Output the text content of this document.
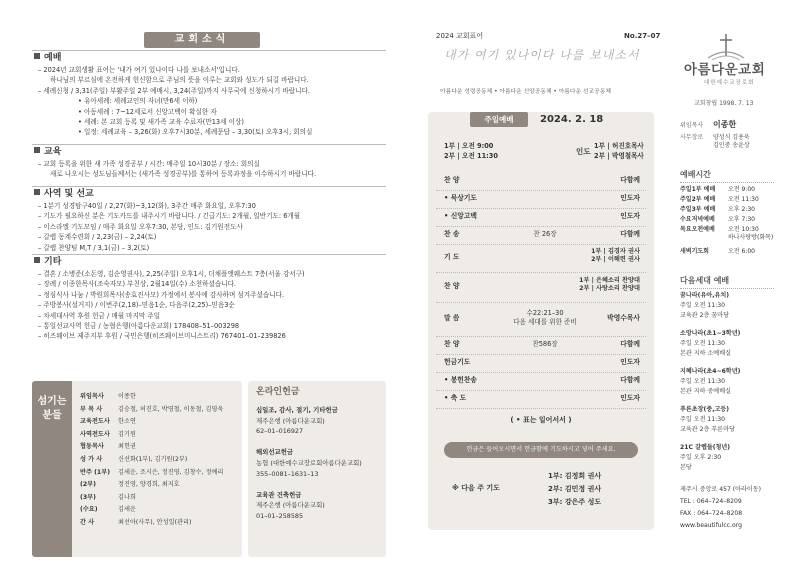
교회소식
예배
– 2024년 교회생활 표어는 '내가 여기 있나이다 나를 보내소서'입니다.
하나님의 부르심에 온전하게 헌신함으로 주님의 뜻을 이루는 교회와 성도가 되길 바랍니다.
– 세례신청 / 3,31(주일) 부활주일 2부 예배시, 3,24(주일)까지 사무국에 신청하시기 바랍니다.
• 유아세례: 세례교인의 자녀(만6세 이하)
• 아동세례 : 7~12세로서 신앙고백이 확실한 자
• 세례: 본 교회 등록 및 새가족 교육 수료자(만13세 이상)
• 일정: 세례교육 – 3,26(화) 오후7시30분, 세례문답 – 3,30(토) 오후3시, 회의실
교육
– 교회 등록을 위한 새 가족 성경공부 / 시간: 매주일 10시30분 / 장소: 회의실
새로 나오시는 성도님들께서는 (새가족 성경공부)를 통하여 등록과정을 이수하시기 바랍니다.
사역 및 선교
– 1분기 성경탐구40일 / 2,27(화)~3,12(화), 3주간 매주 화요일, 오후7:30
– 기도가 필요하신 분은 기도카드를 내주시기 바랍니다. / 긴급기도: 2개월, 일반기도: 6개월
– 이스라엘 기도모임 / 매주 화요일 오후7:30, 본당, 인도: 김기원전도사
– 갈렙 동계수련회 / 2,23(금) – 2,24(토)
– 갈렙 찬양팀 M,T / 3,1(금) – 3,2(토)
기타
– 결혼 / 소병준(소돈영, 김순영권사), 2,25(주일) 오후1시, 더채플앳웨스트 7층(서울 강서구)
– 장례 / 이종한목사(조숙자모) 부친상, 2월14일(수) 소천하셨습니다.
– 정심식사 나눔 / 박원희목사(송효진사모) 가정에서 봉사에 감사하며 섬겨주셨습니다.
– 주방봉사(설거지) / 이번주(2,18)–믿음1순, 다음주(2,25)–믿음3순
– 차세대사역 후원 헌금 / 매월 마지막 주일
– 통일선교사역 헌금 / 농협은행(아름다운교회) 178408–51–003298
– 히즈웨이브 제주지부 후원 / 국민은행(히즈웨이브미니스트리) 767401–01–239826
섬기는
분들
위임목사 이종한
부 목 사	김승철, 허진호, 박영철, 이동철, 김영욱
교육전도사 한소연
사역전도사 김기원
협동목사 최헌권
성 가 사	신선화(1부), 김기원(2부)
반주 (1부) 김세운, 조시은, 정진영, 김창수, 정예리
(2부)	정진영, 양경희, 최지호
(3부)	김나희
(수요)	김세운
간 사	최선아(사무), 안성일(관리)
온라인헌금
십일조, 감사, 절기, 기타헌금
제주은행 (아름다운교회)
62–01–016927
해외선교헌금
농협 (대한예수교장로회아름다운교회)
355–0081–1631–13
교육관 건축헌금
제주은행 (아름다운교회)
01–01–258585
2024 교회표어	No.27–07
내가 여기 있나이다 나를 보내소서
아름다운 성령공동체 • 아름다운 신앙공동체 • 아름다운 선교공동체
아름다운교회
대한예수교장로회
교회창립 1998. 7. 13
주일예배	2024. 2. 18
1부 | 오전 9:00
2부 | 오전 11:30	인도
1부 | 허진호목사
2부 | 박영철목사
찬 양	다함께
• 묵상기도	인도자
• 신앙고백	인도자
찬 송	찬 26장	다함께
기 도
1부 | 김경자 권사
2부 | 이해련 권사
찬 양
1부 | 은혜소리 찬양대
2부 | 사랑소리 찬양대
말 씀
수22:21–30
다음 세대를 위한 준비	박영수목사
찬 양	찬586장	다함께
헌금기도	인도자
• 봉헌찬송	다함께
• 축 도	인도자
( • 표는 일어서서 )
헌금은 들어오시면서 헌금함에 기도하시고 넣어 주세요.
※ 다음 주 기도
1부: 김정희 권사
2부: 김민정 권사
3부: 강은주 성도
위임목사 이종한
사무장로 양성식 김용욱
김인중 송윤상
예배시간
주일1부 예배 오전 9:00
주일2부 예배 오전 11:30
주일3부 예배 오후 2:30
수요저녁예배 오후 7:30
목요오전예배 오전 10:30
하나사랑방(화목)
새벽기도회	오전 6:00
다음세대 예배
꿈나라(유아,유치)
주일 오전 11:30
교육관 2층 꿈마당
소망나라(초1~3학년)
주일 오전 11:30
본관 지하 소예배실
지혜나라(초4~6학년)
주일 오전 11:30
본관 지하 중예배실
푸른초장(중,고등)
주일 오전 11:30
교육관 2층 푸른마당
21C 갈렙들(청년)
주일 오후 2:30
본당
제주시 중앙로 457 (아라이동)
TEL : 064–724–8209
FAX : 064–724–8208
www.beautifulcc.org
